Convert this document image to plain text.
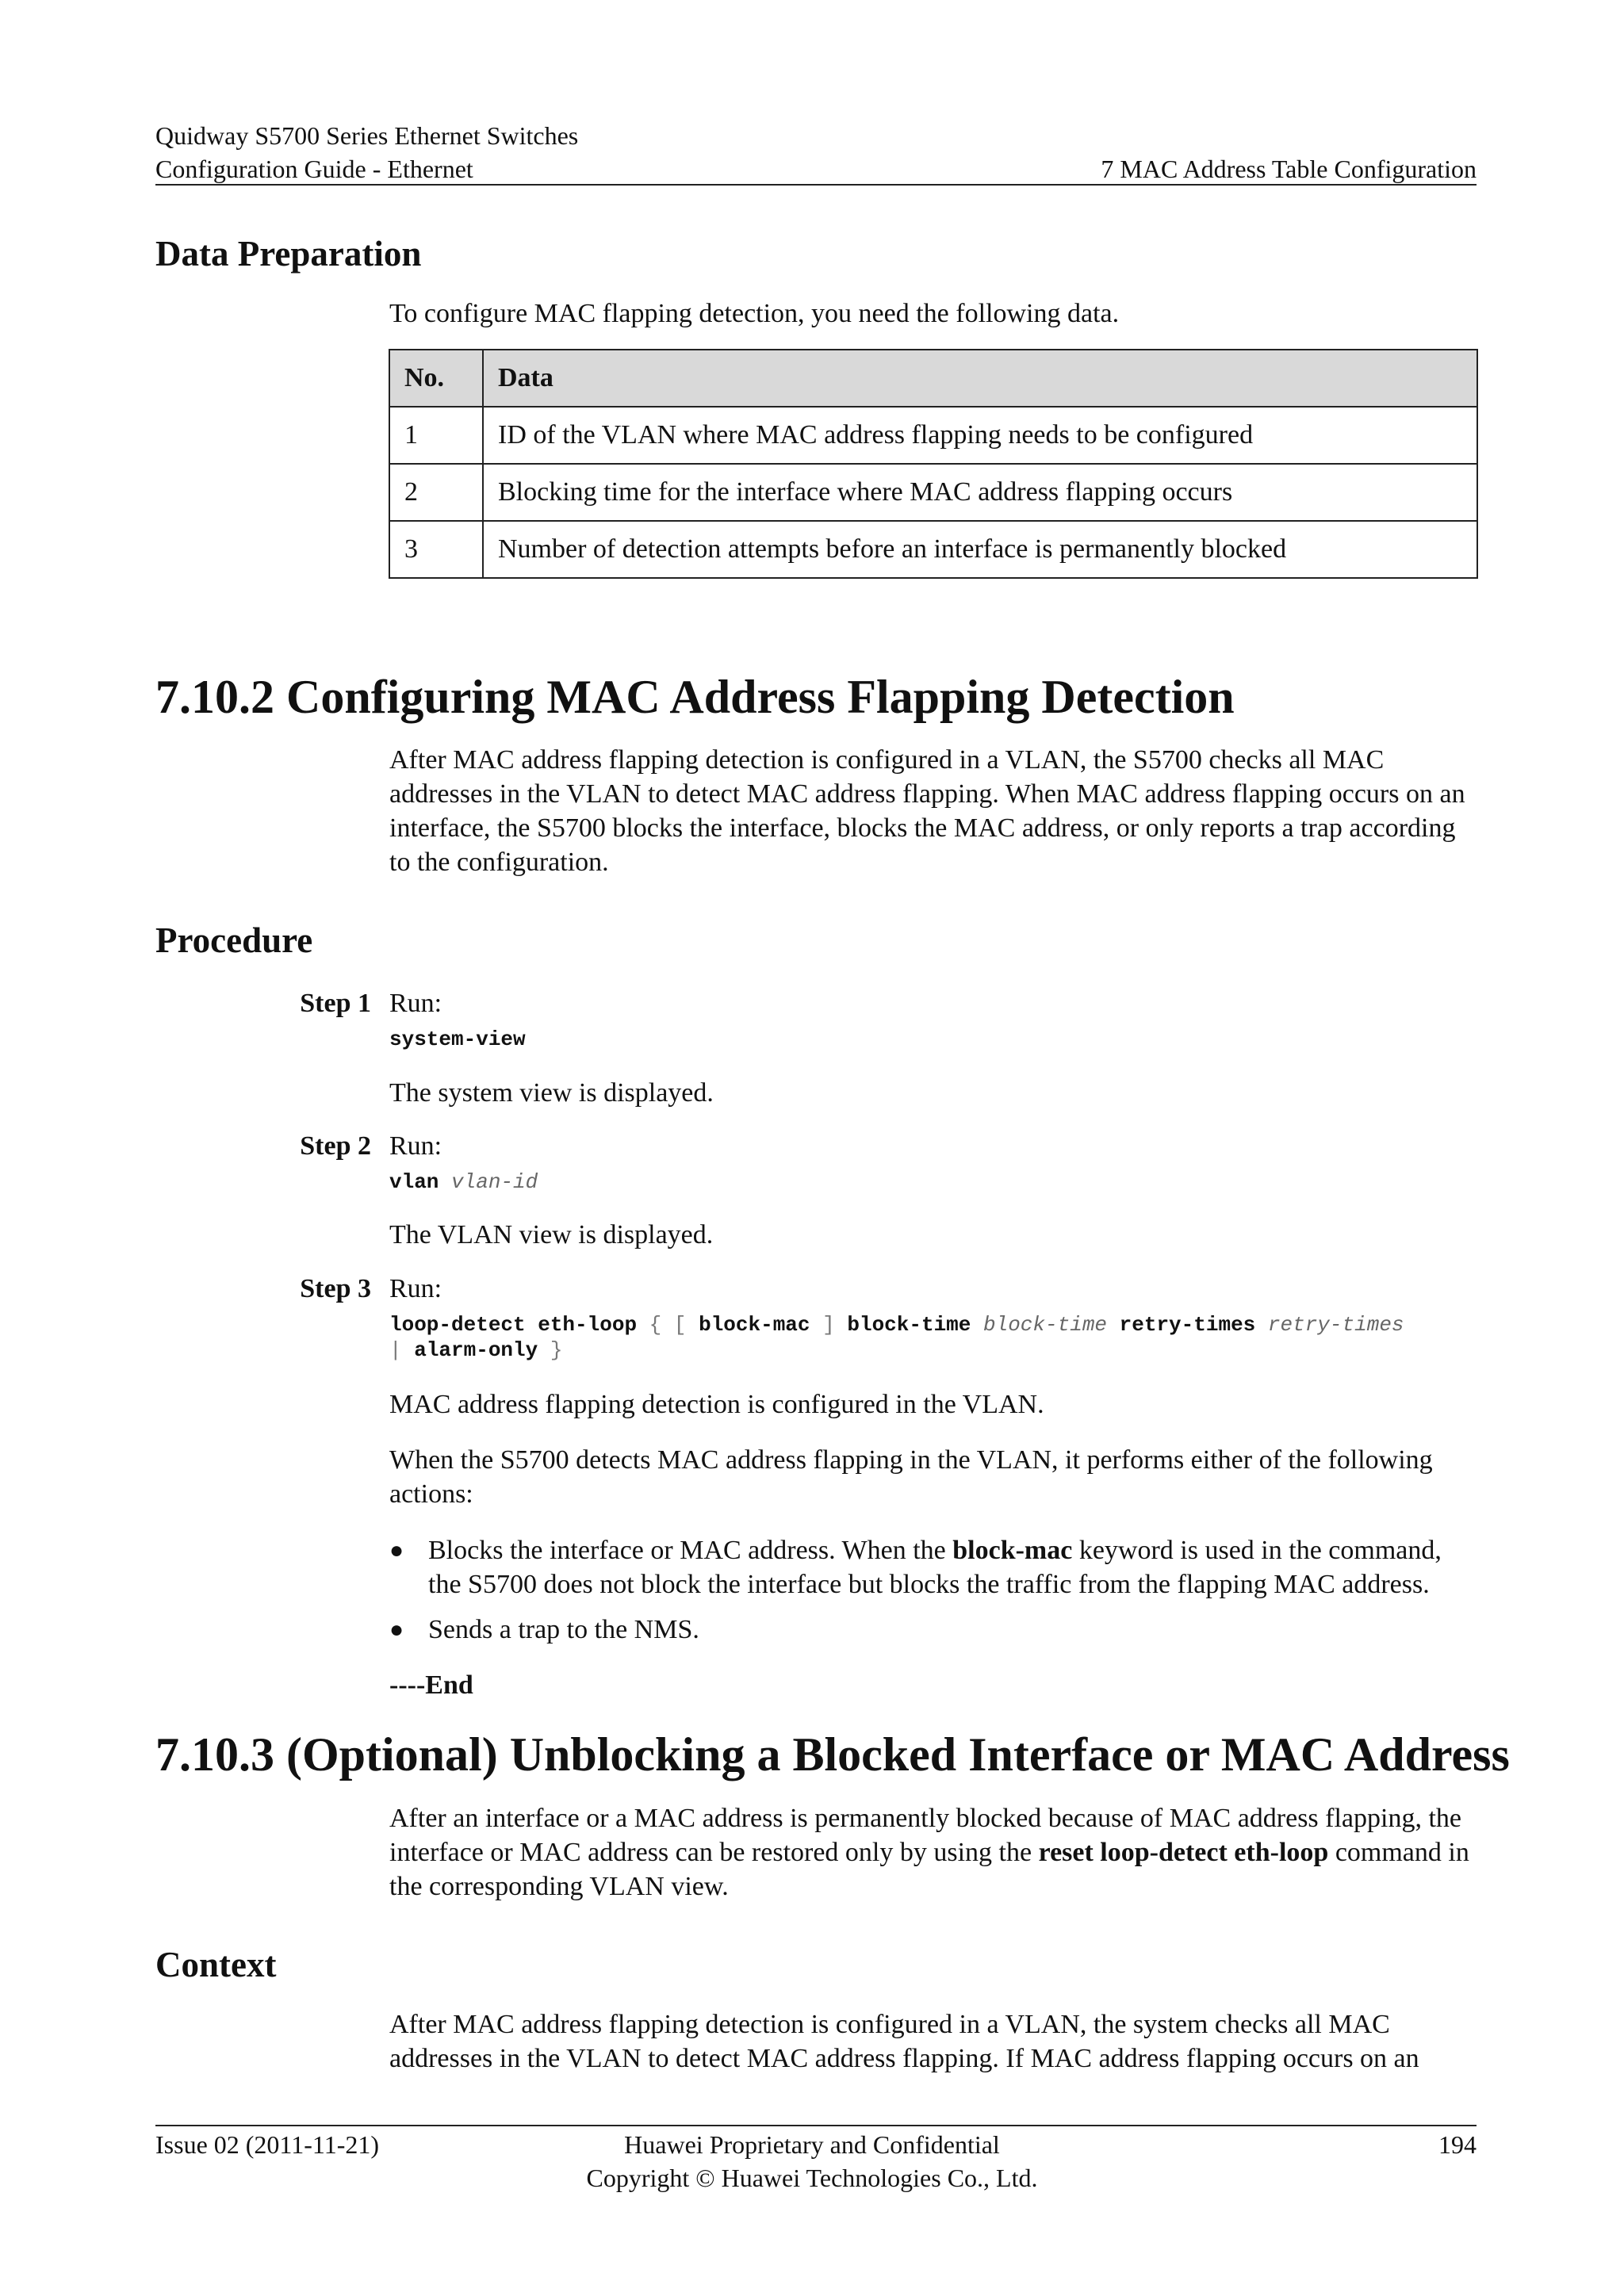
Quidway S5700 Series Ethernet Switches
Configuration Guide - Ethernet	7 MAC Address Table Configuration
Data Preparation
To configure MAC flapping detection, you need the following data.
No.	Data
1	ID of the VLAN where MAC address flapping needs to be configured
2	Blocking time for the interface where MAC address flapping occurs
3	Number of detection attempts before an interface is permanently blocked
7.10.2 Configuring MAC Address Flapping Detection
After MAC address flapping detection is configured in a VLAN, the S5700 checks all MAC addresses in the VLAN to detect MAC address flapping. When MAC address flapping occurs on an interface, the S5700 blocks the interface, blocks the MAC address, or only reports a trap according to the configuration.
Procedure
Step 1 Run:
system-view
The system view is displayed.
Step 2 Run:
vlan vlan-id
The VLAN view is displayed.
Step 3 Run:
loop-detect eth-loop { [ block-mac ] block-time block-time retry-times retry-times
| alarm-only }
MAC address flapping detection is configured in the VLAN.
When the S5700 detects MAC address flapping in the VLAN, it performs either of the following actions:
● Blocks the interface or MAC address. When the block-mac keyword is used in the command, the S5700 does not block the interface but blocks the traffic from the flapping MAC address.
● Sends a trap to the NMS.
----End
7.10.3 (Optional) Unblocking a Blocked Interface or MAC Address
After an interface or a MAC address is permanently blocked because of MAC address flapping, the interface or MAC address can be restored only by using the reset loop-detect eth-loop command in the corresponding VLAN view.
Context
After MAC address flapping detection is configured in a VLAN, the system checks all MAC addresses in the VLAN to detect MAC address flapping. If MAC address flapping occurs on an
Issue 02 (2011-11-21)	Huawei Proprietary and Confidential
Copyright © Huawei Technologies Co., Ltd.
194
